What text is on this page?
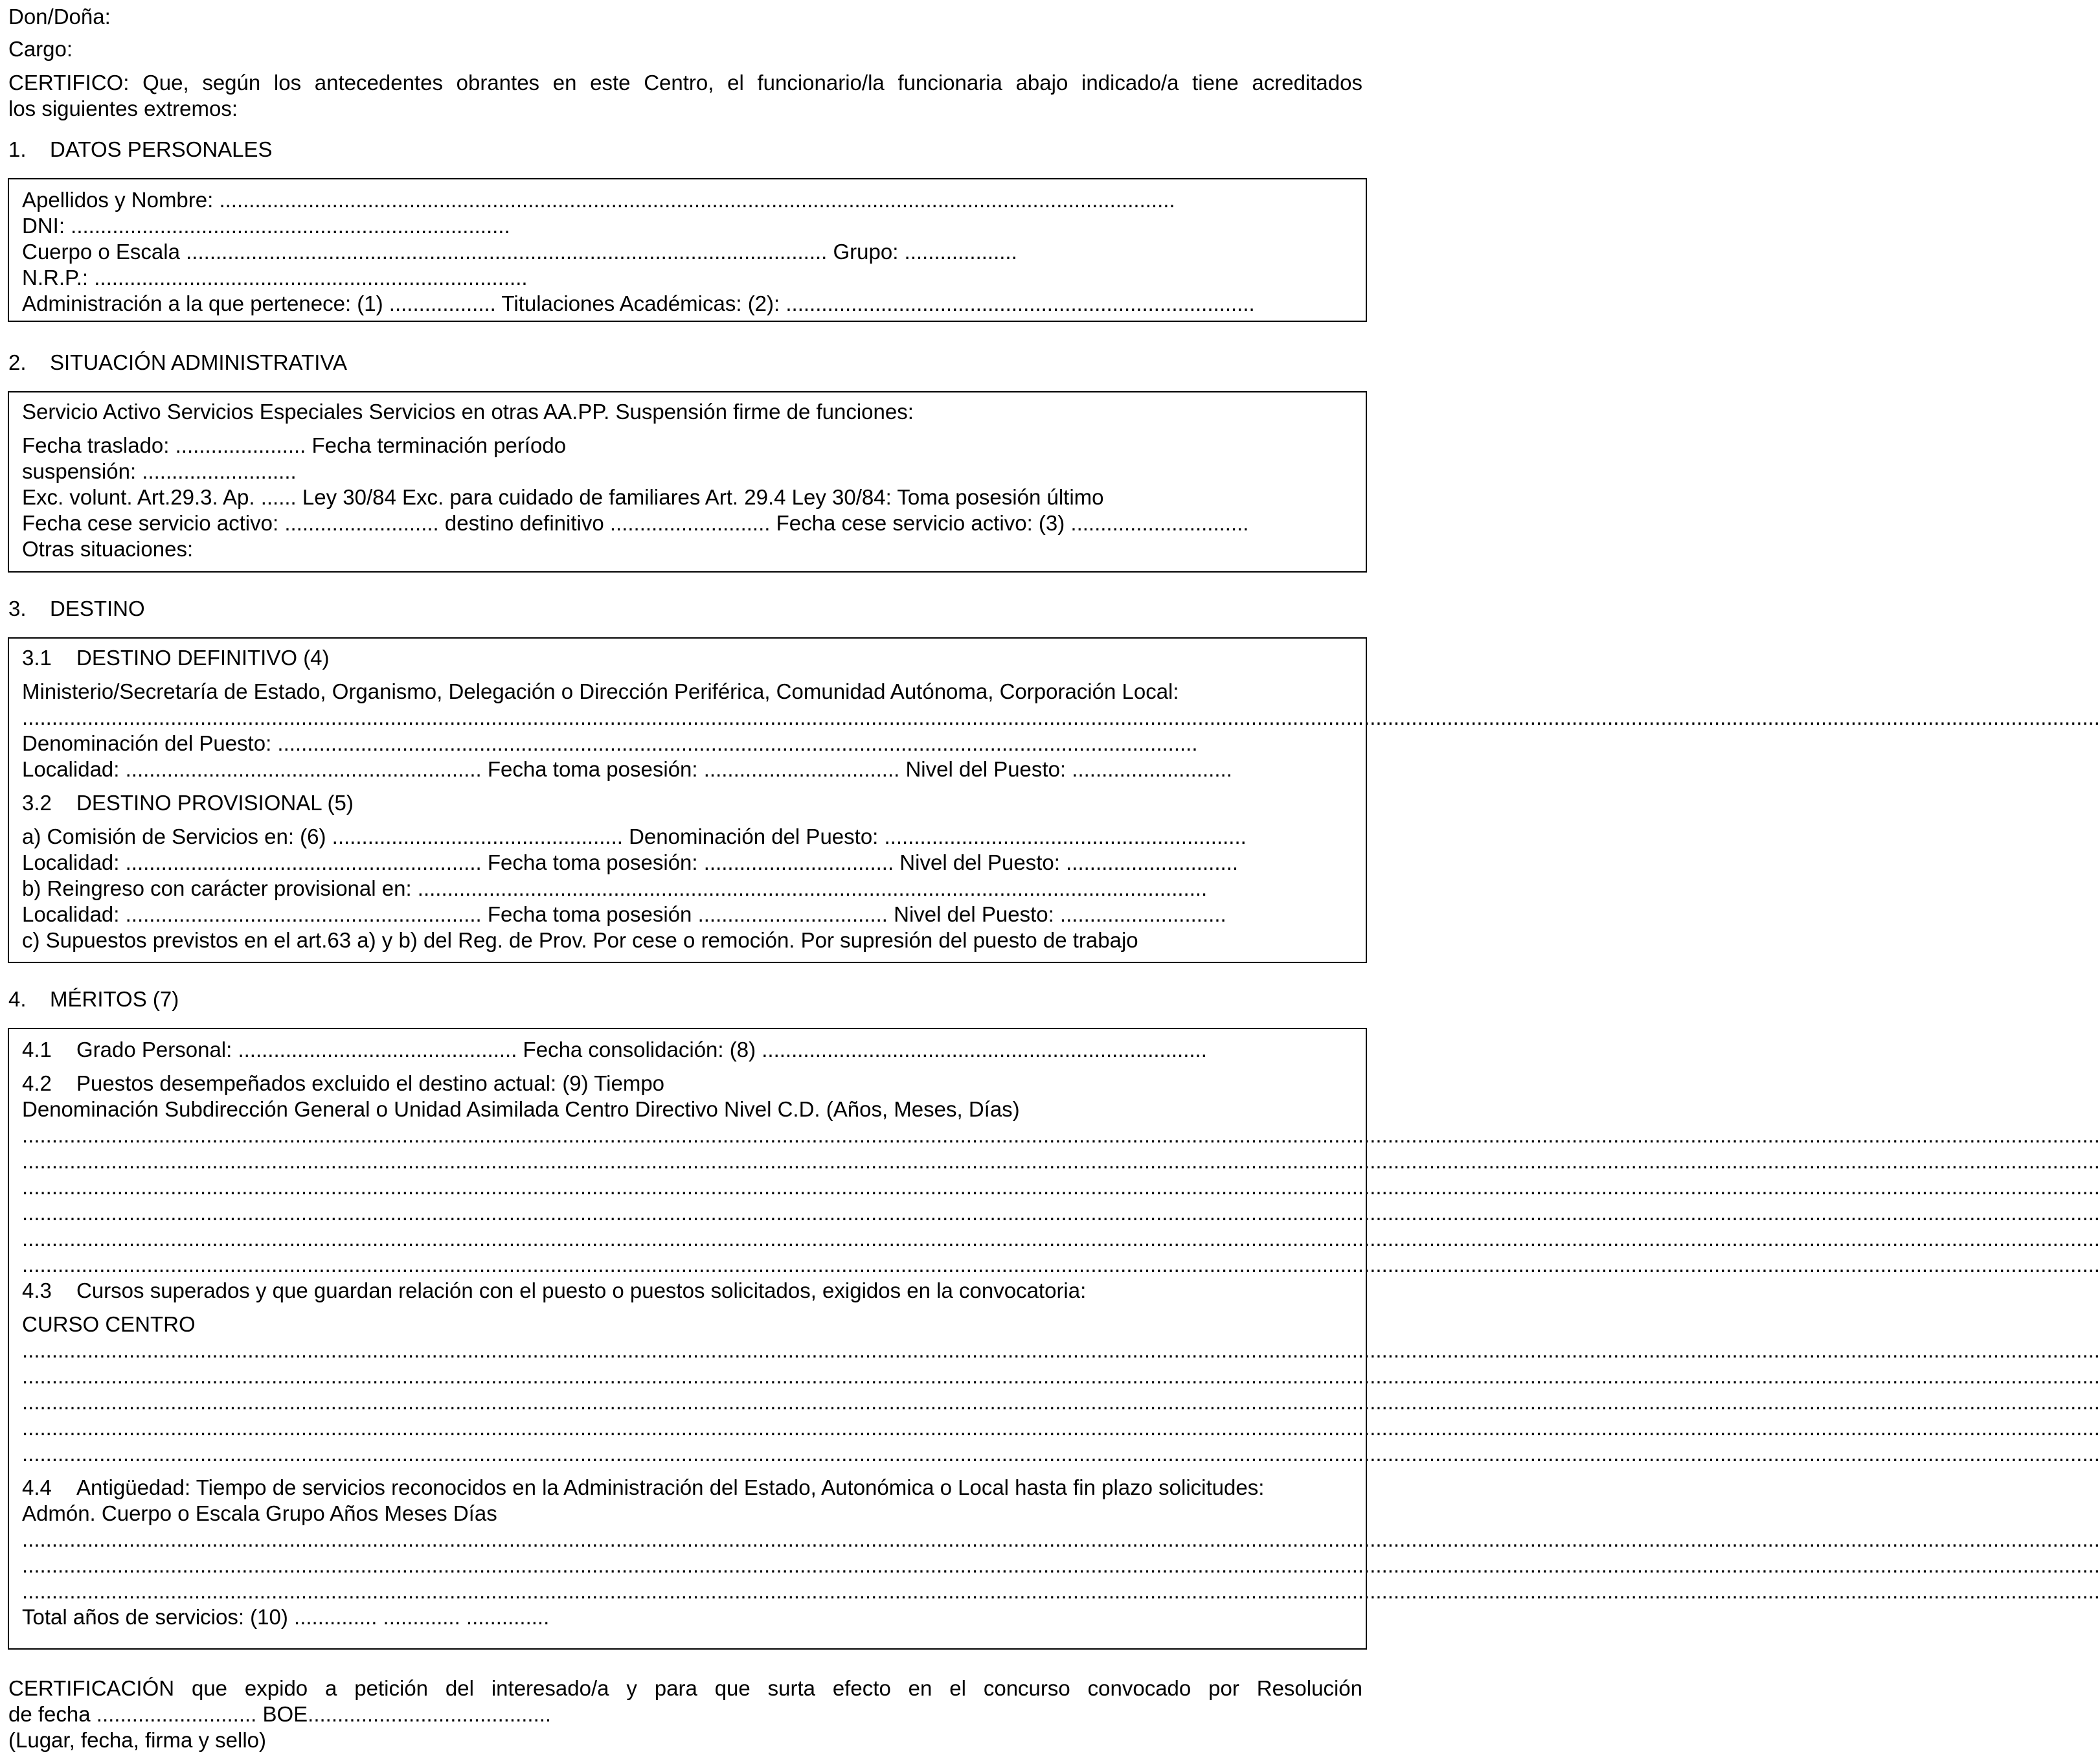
Don/Doña:
Cargo:
CERTIFICO: Que, según los antecedentes obrantes en este Centro, el funcionario/la funcionaria abajo indicado/a tiene acreditados
los siguientes extremos:
1. DATOS PERSONALES
Apellidos y Nombre: .................................................................................................................................................................
DNI: ..........................................................................
Cuerpo o Escala ............................................................................................................ Grupo: ...................
N.R.P.: .........................................................................
Administración a la que pertenece: (1) .................. Titulaciones Académicas: (2): ...............................................................................
2. SITUACIÓN ADMINISTRATIVA
Servicio Activo Servicios Especiales Servicios en otras AA.PP. Suspensión firme de funciones:
Fecha traslado: ...................... Fecha terminación período
suspensión: ..........................
Exc. volunt. Art.29.3. Ap. ...... Ley 30/84 Exc. para cuidado de familiares Art. 29.4 Ley 30/84: Toma posesión último
Fecha cese servicio activo: .......................... destino definitivo ........................... Fecha cese servicio activo: (3) ..............................
Otras situaciones:
3. DESTINO
3.1 DESTINO DEFINITIVO (4)
Ministerio/Secretaría de Estado, Organismo, Delegación o Dirección Periférica, Comunidad Autónoma, Corporación Local:
..............................................................................................................................................................................................................................................................................................................................................................
Denominación del Puesto: ...........................................................................................................................................................
Localidad: ............................................................ Fecha toma posesión: ................................. Nivel del Puesto: ...........................
3.2 DESTINO PROVISIONAL (5)
a) Comisión de Servicios en: (6) ................................................. Denominación del Puesto: .............................................................
Localidad: ............................................................ Fecha toma posesión: ................................ Nivel del Puesto: .............................
b) Reingreso con carácter provisional en: .....................................................................................................................................
Localidad: ............................................................ Fecha toma posesión ................................ Nivel del Puesto: ............................
c) Supuestos previstos en el art.63 a) y b) del Reg. de Prov. Por cese o remoción. Por supresión del puesto de trabajo
4. MÉRITOS (7)
4.1 Grado Personal: ............................................... Fecha consolidación: (8) ...........................................................................
4.2 Puestos desempeñados excluido el destino actual: (9) Tiempo
Denominación Subdirección General o Unidad Asimilada Centro Directivo Nivel C.D. (Años, Meses, Días)
..............................................................................................................................................................................................................................................................................................................................................................
..............................................................................................................................................................................................................................................................................................................................................................
..............................................................................................................................................................................................................................................................................................................................................................
..............................................................................................................................................................................................................................................................................................................................................................
..............................................................................................................................................................................................................................................................................................................................................................
..............................................................................................................................................................................................................................................................................................................................................................
4.3 Cursos superados y que guardan relación con el puesto o puestos solicitados, exigidos en la convocatoria:
CURSO CENTRO
..............................................................................................................................................................................................................................................................................................................................................................
..............................................................................................................................................................................................................................................................................................................................................................
..............................................................................................................................................................................................................................................................................................................................................................
..............................................................................................................................................................................................................................................................................................................................................................
..............................................................................................................................................................................................................................................................................................................................................................
4.4 Antigüedad: Tiempo de servicios reconocidos en la Administración del Estado, Autonómica o Local hasta fin plazo solicitudes:
Admón. Cuerpo o Escala Grupo Años Meses Días
..............................................................................................................................................................................................................................................................................................................................................................
..............................................................................................................................................................................................................................................................................................................................................................
..............................................................................................................................................................................................................................................................................................................................................................
Total años de servicios: (10) .............. ............. ..............
CERTIFICACIÓN que expido a petición del interesado/a y para que surta efecto en el concurso convocado por Resolución
de fecha ........................... BOE.........................................
(Lugar, fecha, firma y sello)
